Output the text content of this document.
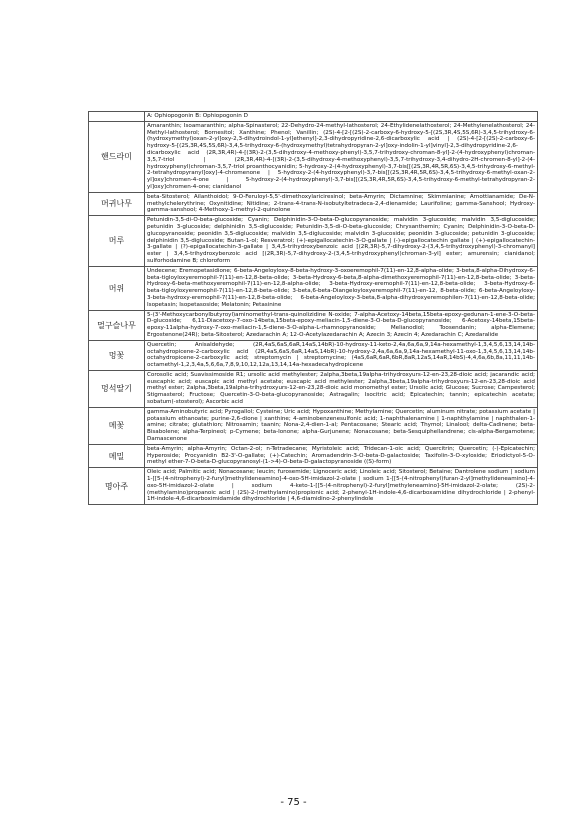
	A: Ophiopogonin B: Ophiopogonin D
핸드라미	Amaranthin; Isoamaranthin; alpha-Spinasterol; 22-Dehydro-24-methyl-lathosterol; 24-Ethylidenelathosterol; 24-Methylenelathosterol; 24-Methyl-lathosterol; Bornesitol; Xanthine; Phenol; Vanillin; (2S)-4-[2-[(2S)-2-carboxy-6-hydroxy-5-[(2S,3R,4S,5S,6R)-3,4,5-trihydroxy-6-(hydroxymethyl)oxan-2-yl]oxy-2,3-dihydroindol-1-yl]ethenyl]-2,3-dihydropyridine-2,6-dicarboxylic acid | (2S)-4-[2-[(2S)-2-carboxy-6-hydroxy-5-[(2S,3R,4S,5S,6R)-3,4,5-trihydroxy-6-(hydroxymethyl)tetrahydropyran-2-yl]oxy-indolin-1-yl]vinyl]-2,3-dihydropyridine-2,6-dicarboxylic acid (2R,3R,4R)-4-[(3R)-2-(3,5-dihydroxy-4-methoxy-phenyl)-3,5,7-trihydroxy-chroman-8-yl]-2-(4-hydroxyphenyl)chroman-3,5,7-triol | (2R,3R,4R)-4-[(3R)-2-(3,5-dihydroxy-4-methoxyphenyl)-3,5,7-trihydroxy-3,4-dihydro-2H-chromen-8-yl]-2-(4-hydroxyphenyl)chroman-3,5,7-triol proanthocyanidin; 5-hydroxy-2-(4-hydroxyphenyl)-3,7-bis[[(2S,3R,4R,5R,6S)-3,4,5-trihydroxy-6-methyl-2-tetrahydropyranyl]oxy]-4-chromenone | 5-hydroxy-2-(4-hydroxyphenyl)-3,7-bis[[(2S,3R,4R,5R,6S)-3,4,5-trihydroxy-6-methyl-oxan-2-yl]oxy]chromen-4-one | 5-hydroxy-2-(4-hydroxyphenyl)-3,7-bis[[(2S,3R,4R,5R,6S)-3,4,5-trihydroxy-6-methyl-tetrahydropyran-2-yl]oxy]chromen-4-one; cianidanol
머귀나무	beta-Sitosterol; Ailanthoidol; 9-O-Feruloyl-5,5'-dimethoxylariciresinol; beta-Amyrin; Dictamnine; Skimmianine; Arnottianamide; De-N-methylchelerythrine; Oxynitidine; Nitidine; 2-trans-4-trans-N-isobutyltetradeca-2,4-dienamide; Laurifoline; gamma-Sanshool; Hydroxy-gamma-sanshool; 4-Methoxy-1-methyl-2-quinolone
머루	Petunidin-3,5-di-O-beta-glucoside; Cyanin; Delphinidin-3-O-beta-D-glucopyranoside; malvidin 3-glucoside; malvidin 3,5-diglucoside; petunidin 3-glucoside; delphinidin 3,5-diglucoside; Petunidin-3,5-di-O-beta-glucoside; Chrysanthemin; Cyanin; Delphinidin-3-O-beta-D-glucopyranoside; peonidin 3,5-diglucoside; malvidin 3,5-diglucoside; malvidin 3-glucoside; peonidin 3-glucoside; petunidin 3-glucoside; delphinidin 3,5-diglucoside; Butan-1-ol; Resveratrol; (+)-epigallocatechin-3-O-gallate | (-)-epigallocatechin gallate | (+)-epigallocatechin-3-gallate | (?)-epigallocatechin-3-gallate | 3,4,5-trihydroxybenzoic acid [(2R,3R)-5,7-dihydroxy-2-(3,4,5-trihydroxyphenyl)-3-chromanyl] ester | 3,4,5-trihydroxybenzoic acid [(2R,3R)-5,7-dihydroxy-2-(3,4,5-trihydroxyphenyl)chroman-3-yl] ester; amurensin; cianidanol; sulforhodamine B; chloroform
머위	Undecene; Eremopetasidione; 6-beta-Angeloyloxy-8-beta-hydroxy-3-oxoeremophil-7(11)-en-12,8-alpha-olide; 3-beta,8-alpha-Dihydroxy-6-beta-tigloyloxyeremophil-7(11)-en-12,8-beta-olide; 3-beta-Hydroxy-6-beta,8-alpha-dimethoxyeremophil-7(11)-en-12,8-beta-olide; 3-beta-Hydroxy-6-beta-methoxyeremophil-7(11)-en-12,8-alpha-olide; 3-beta-Hydroxy-eremophil-7(11)-en-12,8-beta-olide; 3-beta-Hydroxy-6-beta-tigloyloxyeremophil-7(11)-en-12,8-beta-olide; 3-beta,6-beta-Diangeloyloxyeremophil-7(11)-en-12, 8-beta-olide; 6-beta-Angeloyloxy-3-beta-hydroxy-eremophil-7(11)-en-12,8-beta-olide; 6-beta-Angeloyloxy-3-beta,8-alpha-dihydroxyeremophilen-7(11)-en-12,8-beta-olide; Isopetasin; Isopetasoside; Melatonin; Petasinine
멀구슬나무	5-(3'-Methoxycarbonylbutyroyl)aminomethyl-trans-quinolizidine N-oxide; 7-alpha-Acetoxy-14beta,15beta-epoxy-gedunan-1-ene-3-O-beta-D-glucoside; 6,11-Diacetoxy-7-oxo-14beta,15beta-epoxy-meliacin-1,5-diene-3-O-beta-D-glucopyranoside; 6-Acetoxy-14beta,15beta-epoxy-11alpha-hydroxy-7-oxo-meliacin-1,5-diene-3-O-alpha-L-rhamnopyranoside; Melianodiol; Toosendanin; alpha-Elemene; Ergostenone(24R); beta-Sitosterol; Azedarachin A; 12-O-Acetylazedarachin A; Azecin 3; Azecin 4; Azedarachin C; Azedaralide
멍꽃	Quercetin; Anisaldehyde; (2R,4aS,6aS,6aR,14aS,14bR)-10-hydroxy-11-keto-2,4a,6a,6a,9,14a-hexamethyl-1,3,4,5,6,13,14,14b-octahydropicene-2-carboxylic acid (2R,4aS,6aS,6aR,14aS,14bR)-10-hydroxy-2,4a,6a,6a,9,14a-hexamethyl-11-oxo-1,3,4,5,6,13,14,14b-octahydropicene-2-carboxylic acid; streptomycin | streptomycine; (4aS,6aR,6aR,6bR,8aR,12aS,14aR,14bS)-4,4,6a,6b,8a,11,11,14b-octamethyl-1,2,3,4a,5,6,6a,7,8,9,10,12,12a,13,14,14a-hexadecahydropicene
멍석딸기	Corosolic acid; Suavissimoside R1; ursolic acid methylester; 2alpha,3beta,19alpha-trihydroxyurs-12-en-23,28-dioic acid; jacarandic acid; euscaphic acid; euscapic acid methyl acetate; euscapic acid methylester; 2alpha,3beta,19alpha-trihydroxyurs-12-en-23,28-dioic acid methyl ester; 2alpha,3beta,19alpha-trihydroxyurs-12-en-23,28-dioic acid monomethyl ester; Ursolic acid; Glucose; Sucrose; Campesterol; Stigmasterol; Fructose; Quercetin-3-O-beta-glucopyranoside; Astragalin; Isocitric acid; Epicatechin; tannin; epicatechin acetate; sobatum(-stosterol); Ascorbic acid
메꽃	gamma-Aminobutyric acid; Pyrogallol; Cysteine; Uric acid; Hypoxanthine; Methylamine; Quercetin; aluminum nitrate; potassium acetate | potassium ethanoate; purine-2,6-dione | xanthine; 4-aminobenzenesulfonic acid; 1-naphthalenamine | 1-naphthylamine | naphthalen-1-amine; citrate; glutathion; Nitrosamin; taanin; Nona-2,4-dien-1-al; Pentacosane; Stearic acid; Thymol; Linalool; delta-Cadinene; beta-Bisabolene; alpha-Terpineol; p-Cymene; beta-Ionone; alpha-Gurjunene; Nonacosane; beta-Sesquiphellandrene; cis-alpha-Bergamotene; Damascenone
메밀	beta-Amyrin; alpha-Amyrin; Octan-2-ol; n-Tetradecane; Myristoleic acid; Tridecan-1-oic acid; Quercitrin; Quercetin; (-)-Epicatechin; Hyperoside; Procyanidin B2-3'-O-gallate; (+)-Catechin; Aromadendrin-3-O-beta-D-galactoside; Taxifolin-3-O-xyloside; Eriodictyol-5-O-methyl ether-7-O-beta-D-glucopyranosyl-(1->4)-O-beta-D-galactopyranoside ((S)-form)
명아주	Oleic acid; Palmitic acid; Nonacosane; leucin; furosemide; Lignoceric acid; Linoleic acid; Sitosterol; Betaine; Dantrolene sodium | sodium 1-[[5-(4-nitrophenyl)-2-furyl]methylideneamino]-4-oxo-5H-imidazol-2-olate | sodium 1-[[5-(4-nitrophenyl)furan-2-yl]methylideneamino]-4-oxo-5H-imidazol-2-olate | sodium 4-keto-1-[[5-(4-nitrophenyl)-2-furyl]methyleneamino]-5H-imidazol-2-olate; (2S)-2-(methylamino)propanoic acid | (2S)-2-(methylamino)propionic acid; 2-phenyl-1H-indole-4,6-dicarboxamidine dihydrochloride | 2-phenyl-1H-indole-4,6-dicarboximidamide dihydrochloride | 4,6-diamidino-2-phenylindole
- 75 -
